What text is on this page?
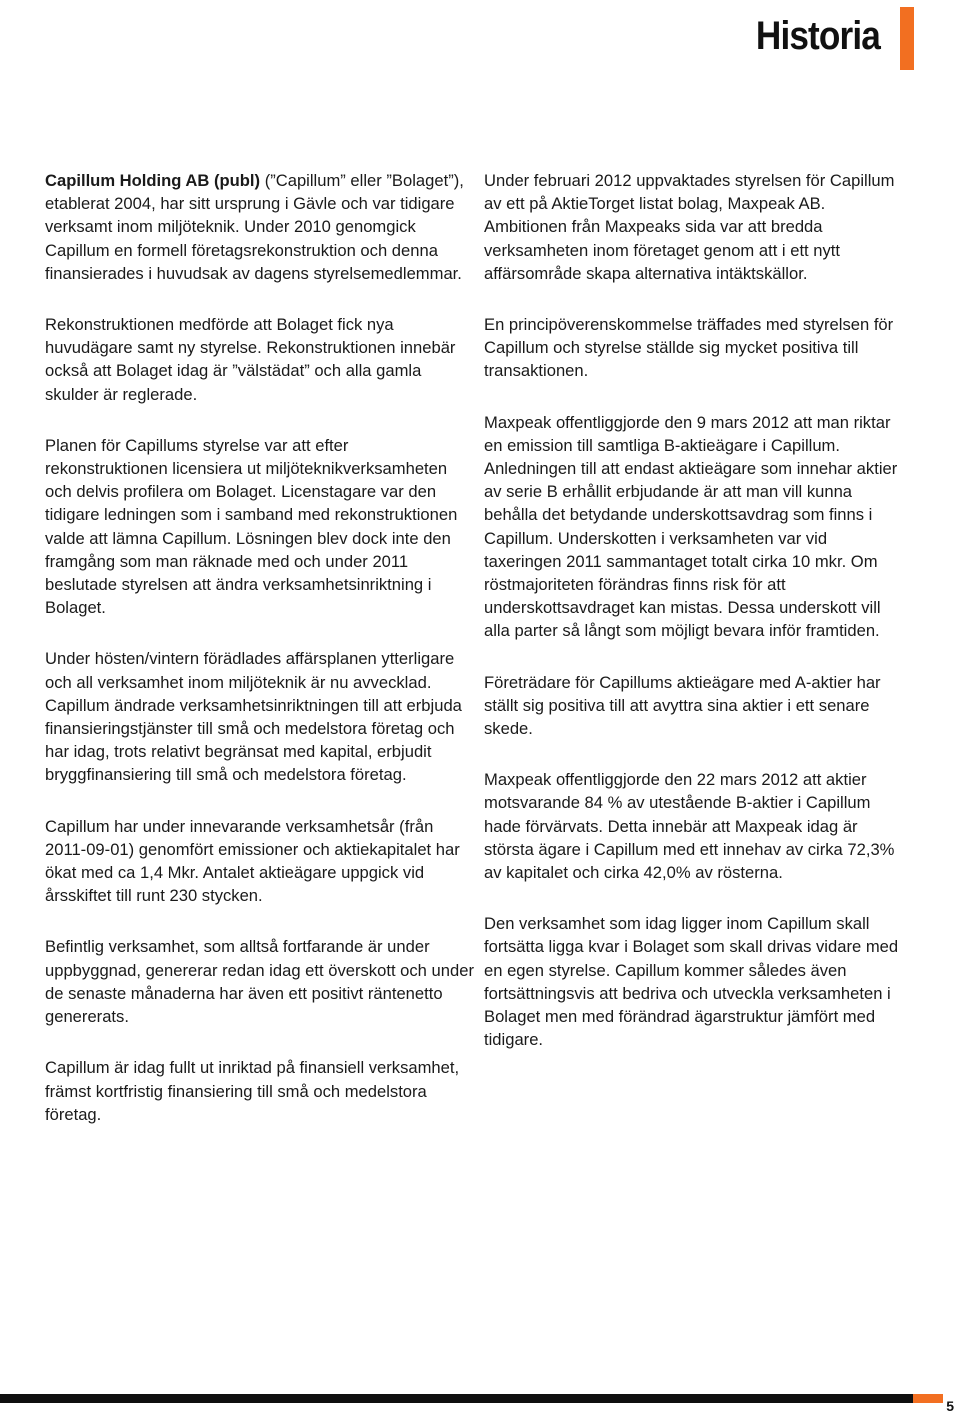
Historia

Capillum Holding AB (publ) (”Capillum” eller ”Bolaget”), etablerat 2004, har sitt ursprung i Gävle och var tidigare verksamt inom miljöteknik. Under 2010 genomgick Capillum en formell företagsrekonstruktion och denna finansierades i huvudsak av dagens styrelsemedlemmar.

Rekonstruktionen medförde att Bolaget fick nya huvudägare samt ny styrelse. Rekonstruktionen innebär också att Bolaget idag är ”välstädat” och alla gamla skulder är reglerade.

Planen för Capillums styrelse var att efter rekonstruktionen licensiera ut miljöteknikverksamheten och delvis profilera om Bolaget. Licenstagare var den tidigare ledningen som i samband med rekonstruktionen valde att lämna Capillum. Lösningen blev dock inte den framgång som man räknade med och under 2011 beslutade styrelsen att ändra verksamhetsinriktning i Bolaget.

Under hösten/vintern förädlades affärsplanen ytterligare och all verksamhet inom miljöteknik är nu avvecklad. Capillum ändrade verksamhetsinriktningen till att erbjuda finansieringstjänster till små och medelstora företag och har idag, trots relativt begränsat med kapital, erbjudit bryggfinansiering till små och medelstora företag.

Capillum har under innevarande verksamhetsår (från 2011-09-01) genomfört emissioner och aktiekapitalet har ökat med ca 1,4 Mkr. Antalet aktieägare uppgick vid årsskiftet till runt 230 stycken.

Befintlig verksamhet, som alltså fortfarande är under uppbyggnad, genererar redan idag ett överskott och under de senaste månaderna har även ett positivt räntenetto genererats.

Capillum är idag fullt ut inriktad på finansiell verksamhet, främst kortfristig finansiering till små och medelstora företag.

Under februari 2012 uppvaktades styrelsen för Capillum av ett på AktieTorget listat bolag, Maxpeak AB. Ambitionen från Maxpeaks sida var att bredda verksamheten inom företaget genom att i ett nytt affärsområde skapa alternativa intäktskällor.

En principöverenskommelse träffades med styrelsen för Capillum och styrelse ställde sig mycket positiva till transaktionen.

Maxpeak offentliggjorde den 9 mars 2012 att man riktar en emission till samtliga B-aktieägare i Capillum. Anledningen till att endast aktieägare som innehar aktier av serie B erhållit erbjudande är att man vill kunna behålla det betydande underskottsavdrag som finns i Capillum. Underskotten i verksamheten var vid taxeringen 2011 sammantaget totalt cirka 10 mkr. Om röstmajoriteten förändras finns risk för att underskottsavdraget kan mistas. Dessa underskott vill alla parter så långt som möjligt bevara inför framtiden.

Företrädare för Capillums aktieägare med A-aktier har ställt sig positiva till att avyttra sina aktier i ett senare skede.

Maxpeak offentliggjorde den 22 mars 2012 att aktier motsvarande 84 % av utestående B-aktier i Capillum hade förvärvats. Detta innebär att Maxpeak idag är största ägare i Capillum med ett innehav av cirka 72,3% av kapitalet och cirka 42,0% av rösterna.

Den verksamhet som idag ligger inom Capillum skall fortsätta ligga kvar i Bolaget som skall drivas vidare med en egen styrelse. Capillum kommer således även fortsättningsvis att bedriva och utveckla verksamheten i Bolaget men med förändrad ägarstruktur jämfört med tidigare.

5
